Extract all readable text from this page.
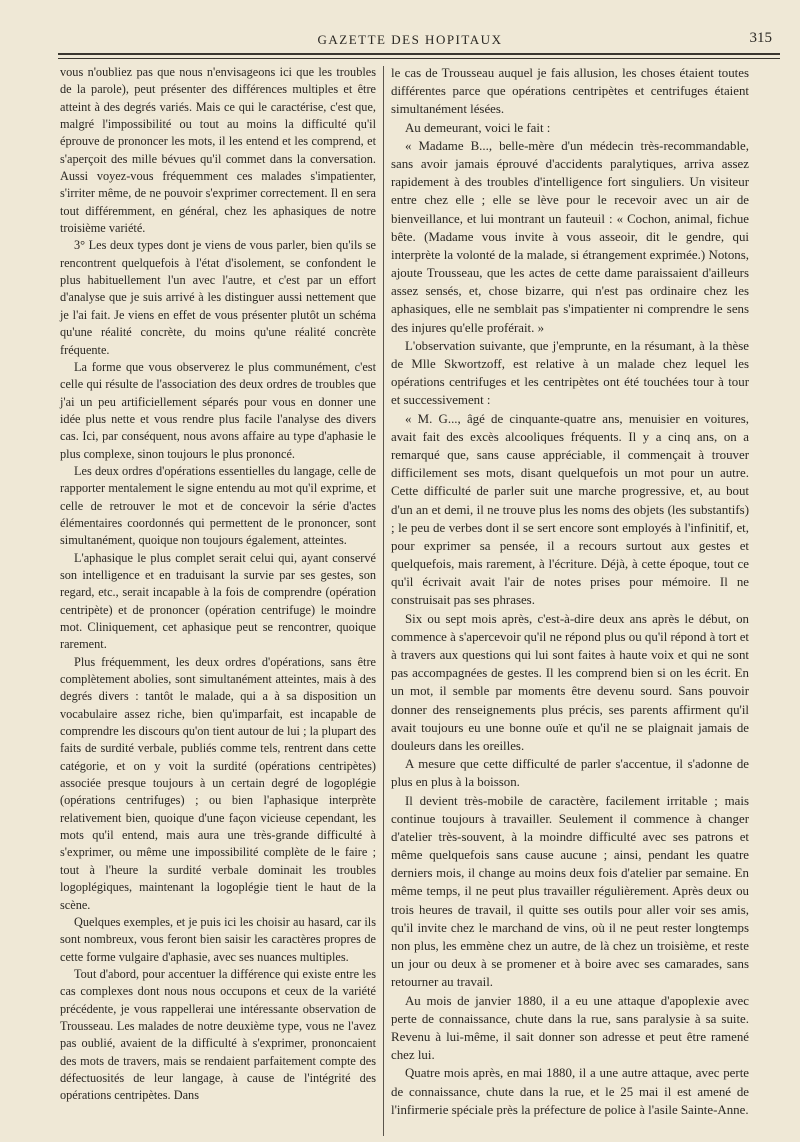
GAZETTE DES HOPITAUX	315

vous n'oubliez pas que nous n'envisageons ici que les troubles de la parole), peut présenter des différences multiples et être atteint à des degrés variés. Mais ce qui le caractérise, c'est que, malgré l'impossibilité ou tout au moins la difficulté qu'il éprouve de prononcer les mots, il les entend et les comprend, et s'aperçoit des mille bévues qu'il commet dans la conversation. Aussi voyez-vous fréquemment ces malades s'impatienter, s'irriter même, de ne pouvoir s'exprimer correctement. Il en sera tout différemment, en général, chez les aphasiques de notre troisième variété.

3° Les deux types dont je viens de vous parler, bien qu'ils se rencontrent quelquefois à l'état d'isolement, se confondent le plus habituellement l'un avec l'autre, et c'est par un effort d'analyse que je suis arrivé à les distinguer aussi nettement que je l'ai fait. Je viens en effet de vous présenter plutôt un schéma qu'une réalité concrète, du moins qu'une réalité concrète fréquente.

La forme que vous observerez le plus communément, c'est celle qui résulte de l'association des deux ordres de troubles que j'ai un peu artificiellement séparés pour vous en donner une idée plus nette et vous rendre plus facile l'analyse des divers cas. Ici, par conséquent, nous avons affaire au type d'aphasie le plus complexe, sinon toujours le plus prononcé.

Les deux ordres d'opérations essentielles du langage, celle de rapporter mentalement le signe entendu au mot qu'il exprime, et celle de retrouver le mot et de concevoir la série d'actes élémentaires coordonnés qui permettent de le prononcer, sont simultanément, quoique non toujours également, atteintes.

L'aphasique le plus complet serait celui qui, ayant conservé son intelligence et en traduisant la survie par ses gestes, son regard, etc., serait incapable à la fois de comprendre (opération centripète) et de prononcer (opération centrifuge) le moindre mot. Cliniquement, cet aphasique peut se rencontrer, quoique rarement.

Plus fréquemment, les deux ordres d'opérations, sans être complètement abolies, sont simultanément atteintes, mais à des degrés divers : tantôt le malade, qui a à sa disposition un vocabulaire assez riche, bien qu'imparfait, est incapable de comprendre les discours qu'on tient autour de lui ; la plupart des faits de surdité verbale, publiés comme tels, rentrent dans cette catégorie, et on y voit la surdité (opérations centripètes) associée presque toujours à un certain degré de logoplégie (opérations centrifuges) ; ou bien l'aphasique interprète relativement bien, quoique d'une façon vicieuse cependant, les mots qu'il entend, mais aura une très-grande difficulté à s'exprimer, ou même une impossibilité complète de le faire ; tout à l'heure la surdité verbale dominait les troubles logoplégiques, maintenant la logoplégie tient le haut de la scène.

Quelques exemples, et je puis ici les choisir au hasard, car ils sont nombreux, vous feront bien saisir les caractères propres de cette forme vulgaire d'aphasie, avec ses nuances multiples.

Tout d'abord, pour accentuer la différence qui existe entre les cas complexes dont nous nous occupons et ceux de la variété précédente, je vous rappellerai une intéressante observation de Trousseau. Les malades de notre deuxième type, vous ne l'avez pas oublié, avaient de la difficulté à s'exprimer, prononcaient des mots de travers, mais se rendaient parfaitement compte des défectuosités de leur langage, à cause de l'intégrité des opérations centripètes. Dans

le cas de Trousseau auquel je fais allusion, les choses étaient toutes différentes parce que opérations centripètes et centrifuges étaient simultanément lésées.

Au demeurant, voici le fait :

« Madame B..., belle-mère d'un médecin très-recommandable, sans avoir jamais éprouvé d'accidents paralytiques, arriva assez rapidement à des troubles d'intelligence fort singuliers. Un visiteur entre chez elle ; elle se lève pour le recevoir avec un air de bienveillance, et lui montrant un fauteuil : « Cochon, animal, fichue bête. (Madame vous invite à vous asseoir, dit le gendre, qui interprète la volonté de la malade, si étrangement exprimée.) Notons, ajoute Trousseau, que les actes de cette dame paraissaient d'ailleurs assez sensés, et, chose bizarre, qui n'est pas ordinaire chez les aphasiques, elle ne semblait pas s'impatienter ni comprendre le sens des injures qu'elle proférait. »

L'observation suivante, que j'emprunte, en la résumant, à la thèse de Mlle Skwortzoff, est relative à un malade chez lequel les opérations centrifuges et les centripètes ont été touchées tour à tour et successivement :

« M. G..., âgé de cinquante-quatre ans, menuisier en voitures, avait fait des excès alcooliques fréquents. Il y a cinq ans, on a remarqué que, sans cause appréciable, il commençait à trouver difficilement ses mots, disant quelquefois un mot pour un autre. Cette difficulté de parler suit une marche progressive, et, au bout d'un an et demi, il ne trouve plus les noms des objets (les substantifs) ; le peu de verbes dont il se sert encore sont employés à l'infinitif, et, pour exprimer sa pensée, il a recours surtout aux gestes et quelquefois, mais rarement, à l'écriture. Déjà, à cette époque, tout ce qu'il écrivait avait l'air de notes prises pour mémoire. Il ne construisait pas ses phrases.

Six ou sept mois après, c'est-à-dire deux ans après le début, on commence à s'apercevoir qu'il ne répond plus ou qu'il répond à tort et à travers aux questions qui lui sont faites à haute voix et qui ne sont pas accompagnées de gestes. Il les comprend bien si on les écrit. En un mot, il semble par moments être devenu sourd. Sans pouvoir donner des renseignements plus précis, ses parents affirment qu'il avait toujours eu une bonne ouïe et qu'il ne se plaignait jamais de douleurs dans les oreilles.

A mesure que cette difficulté de parler s'accentue, il s'adonne de plus en plus à la boisson.

Il devient très-mobile de caractère, facilement irritable ; mais continue toujours à travailler. Seulement il commence à changer d'atelier très-souvent, à la moindre difficulté avec ses patrons et même quelquefois sans cause aucune ; ainsi, pendant les quatre derniers mois, il change au moins deux fois d'atelier par semaine. En même temps, il ne peut plus travailler régulièrement. Après deux ou trois heures de travail, il quitte ses outils pour aller voir ses amis, qu'il invite chez le marchand de vins, où il ne peut rester longtemps non plus, les emmène chez un autre, de là chez un troisième, et reste un jour ou deux à se promener et à boire avec ses camarades, sans retourner au travail.

Au mois de janvier 1880, il a eu une attaque d'apoplexie avec perte de connaissance, chute dans la rue, sans paralysie à sa suite. Revenu à lui-même, il sait donner son adresse et peut être ramené chez lui.

Quatre mois après, en mai 1880, il a une autre attaque, avec perte de connaissance, chute dans la rue, et le 25 mai il est amené de l'infirmerie spéciale près la préfecture de police à l'asile Sainte-Anne.
